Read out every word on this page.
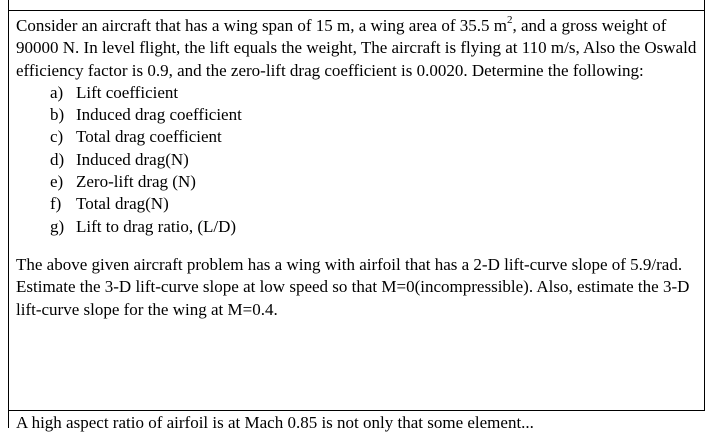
Consider an aircraft that has a wing span of 15 m, a wing area of 35.5 $m^2$, and a gross weight of 90000 N. In level flight, the lift equals the weight, The aircraft is flying at 110 m/s, Also the Oswald efficiency factor is 0.9, and the zero-lift drag coefficient is 0.0020. Determine the following:

a) Lift coefficient
b) Induced drag coefficient
c) Total drag coefficient
d) Induced drag(N)
e) Zero-lift drag (N)
f) Total drag(N)
g) Lift to drag ratio, (L/D)

The above given aircraft problem has a wing with airfoil that has a 2-D lift-curve slope of 5.9/rad. Estimate the 3-D lift-curve slope at low speed so that M=0(incompressible). Also, estimate the 3-D lift-curve slope for the wing at M=0.4.

A high aspect ratio of airfoil is at Mach 0.85 is not only that some element...
